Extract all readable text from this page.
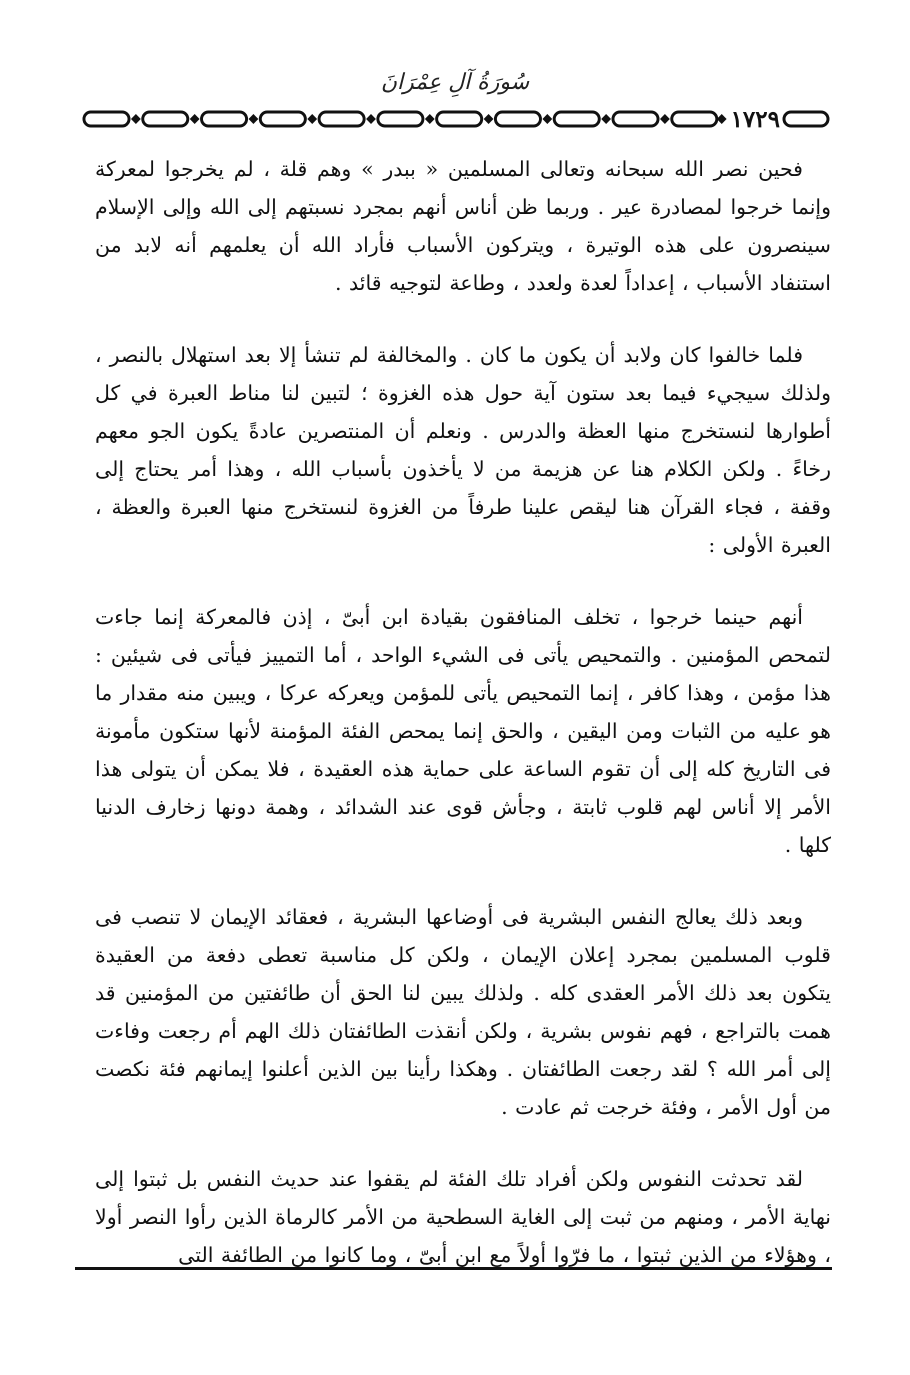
سُورَةُ آلِ عِمْرَانَ
١٧٢٩

فحين نصر الله سبحانه وتعالى المسلمين « ببدر » وهم قلة ، لم يخرجوا لمعركة وإنما خرجوا لمصادرة عير . وربما ظن أناس أنهم بمجرد نسبتهم إلى الله وإلى الإسلام سينصرون على هذه الوتيرة ، ويتركون الأسباب فأراد الله أن يعلمهم أنه لابد من استنفاد الأسباب ، إعداداً لعدة ولعدد ، وطاعة لتوجيه قائد .

فلما خالفوا كان ولابد أن يكون ما كان . والمخالفة لم تنشأ إلا بعد استهلال بالنصر ، ولذلك سيجيء فيما بعد ستون آية حول هذه الغزوة ؛ لتبين لنا مناط العبرة في كل أطوارها لنستخرج منها العظة والدرس . ونعلم أن المنتصرين عادةً يكون الجو معهم رخاءً . ولكن الكلام هنا عن هزيمة من لا يأخذون بأسباب الله ، وهذا أمر يحتاج إلى وقفة ، فجاء القرآن هنا ليقص علينا طرفاً من الغزوة لنستخرج منها العبرة والعظة ، العبرة الأولى :

أنهم حينما خرجوا ، تخلف المنافقون بقيادة ابن أبىّ ، إذن فالمعركة إنما جاءت لتمحص المؤمنين . والتمحيص يأتى فى الشيء الواحد ، أما التمييز فيأتى فى شيئين : هذا مؤمن ، وهذا كافر ، إنما التمحيص يأتى للمؤمن ويعركه عركا ، ويبين منه مقدار ما هو عليه من الثبات ومن اليقين ، والحق إنما يمحص الفئة المؤمنة لأنها ستكون مأمونة فى التاريخ كله إلى أن تقوم الساعة على حماية هذه العقيدة ، فلا يمكن أن يتولى هذا الأمر إلا أناس لهم قلوب ثابتة ، وجأش قوى عند الشدائد ، وهمة دونها زخارف الدنيا كلها .

وبعد ذلك يعالج النفس البشرية فى أوضاعها البشرية ، فعقائد الإيمان لا تنصب فى قلوب المسلمين بمجرد إعلان الإيمان ، ولكن كل مناسبة تعطى دفعة من العقيدة يتكون بعد ذلك الأمر العقدى كله . ولذلك يبين لنا الحق أن طائفتين من المؤمنين قد همت بالتراجع ، فهم نفوس بشرية ، ولكن أنقذت الطائفتان ذلك الهم أم رجعت وفاءت إلى أمر الله ؟ لقد رجعت الطائفتان . وهكذا رأينا بين الذين أعلنوا إيمانهم فئة نكصت من أول الأمر ، وفئة خرجت ثم عادت .

لقد تحدثت النفوس ولكن أفراد تلك الفئة لم يقفوا عند حديث النفس بل ثبتوا إلى نهاية الأمر ، ومنهم من ثبت إلى الغاية السطحية من الأمر كالرماة الذين رأوا النصر أولا ، وهؤلاء من الذين ثبتوا ، ما فرّوا أولاً مع ابن أبىّ ، وما كانوا من الطائفة التى
